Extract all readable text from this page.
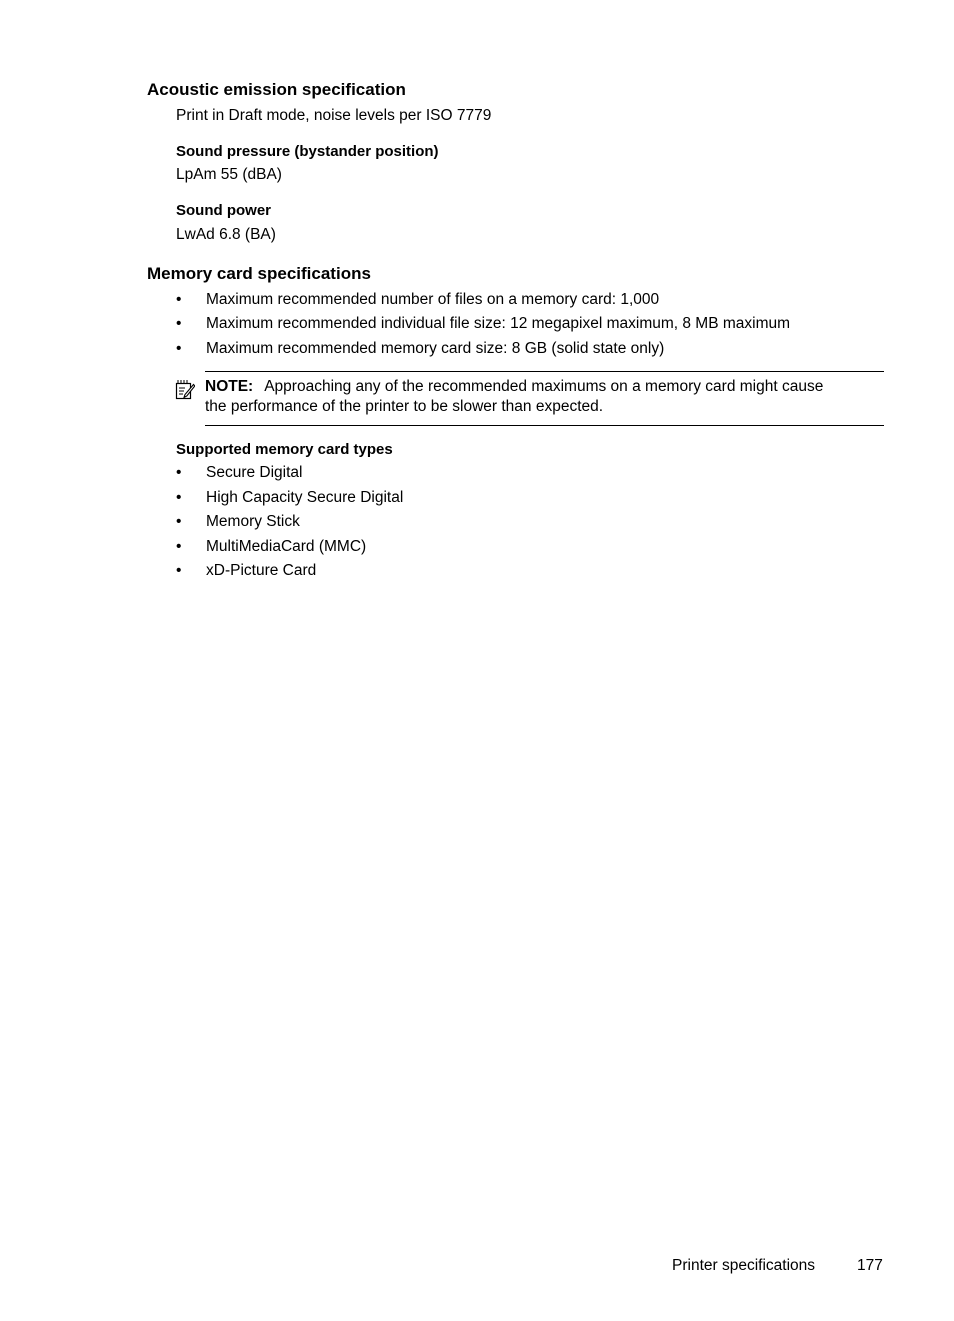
Acoustic emission specification
Print in Draft mode, noise levels per ISO 7779
Sound pressure (bystander position)
LpAm 55 (dBA)
Sound power
LwAd 6.8 (BA)
Memory card specifications
• Maximum recommended number of files on a memory card: 1,000
• Maximum recommended individual file size: 12 megapixel maximum, 8 MB maximum
• Maximum recommended memory card size: 8 GB (solid state only)
NOTE: Approaching any of the recommended maximums on a memory card might cause
the performance of the printer to be slower than expected.
Supported memory card types
• Secure Digital
• High Capacity Secure Digital
• Memory Stick
• MultiMediaCard (MMC)
• xD-Picture Card
Printer specifications	177
